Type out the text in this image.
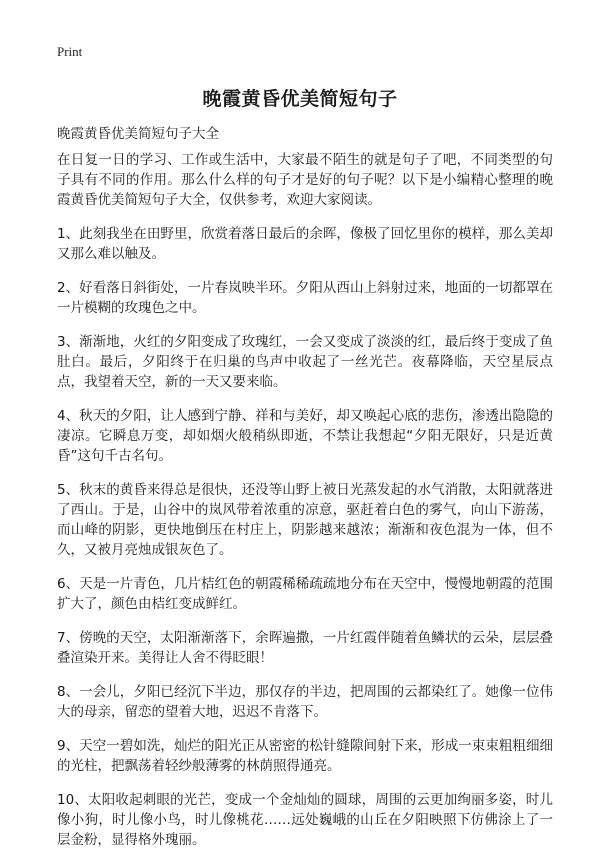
Print
晚霞黄昏优美简短句子

晚霞黄昏优美简短句子大全

在日复一日的学习、工作或生活中，大家最不陌生的就是句子了吧，不同类型的句子具有不同的作用。那么什么样的句子才是好的句子呢？以下是小编精心整理的晚霞黄昏优美简短句子大全，仅供参考，欢迎大家阅读。

1、此刻我坐在田野里，欣赏着落日最后的余晖，像极了回忆里你的模样，那么美却又那么难以触及。

2、好看落日斜街处，一片春岚映半环。夕阳从西山上斜射过来，地面的一切都罩在一片模糊的玫瑰色之中。

3、渐渐地，火红的夕阳变成了玫瑰红，一会又变成了淡淡的红，最后终于变成了鱼肚白。最后，夕阳终于在归巢的鸟声中收起了一丝光芒。夜幕降临，天空星辰点点，我望着天空，新的一天又要来临。

4、秋天的夕阳，让人感到宁静、祥和与美好，却又唤起心底的悲伤，渗透出隐隐的凄凉。它瞬息万变，却如烟火般稍纵即逝，不禁让我想起“夕阳无限好，只是近黄昏”这句千古名句。

5、秋末的黄昏来得总是很快，还没等山野上被日光蒸发起的水气消散，太阳就落进了西山。于是，山谷中的岚风带着浓重的凉意，驱赶着白色的雾气，向山下游荡，而山峰的阴影，更快地倒压在村庄上，阴影越来越浓；渐渐和夜色混为一体，但不久，又被月亮烛成银灰色了。

6、天是一片青色，几片桔红色的朝霞稀稀疏疏地分布在天空中，慢慢地朝霞的范围扩大了，颜色由桔红变成鲜红。

7、傍晚的天空，太阳渐渐落下，余晖遍撒，一片红霞伴随着鱼鳞状的云朵，层层叠叠渲染开来。美得让人舍不得眨眼！

8、一会儿，夕阳已经沉下半边，那仅存的半边，把周围的云都染红了。她像一位伟大的母亲，留恋的望着大地，迟迟不肯落下。

9、天空一碧如洗，灿烂的阳光正从密密的松针缝隙间射下来，形成一束束粗粗细细的光柱，把飘荡着轻纱般薄雾的林荫照得通亮。

10、太阳收起刺眼的光芒，变成一个金灿灿的圆球，周围的云更加绚丽多姿，时儿像小狗，时儿像小鸟，时儿像桃花……远处巍峨的山丘在夕阳映照下仿佛涂上了一层金粉，显得格外瑰丽。
